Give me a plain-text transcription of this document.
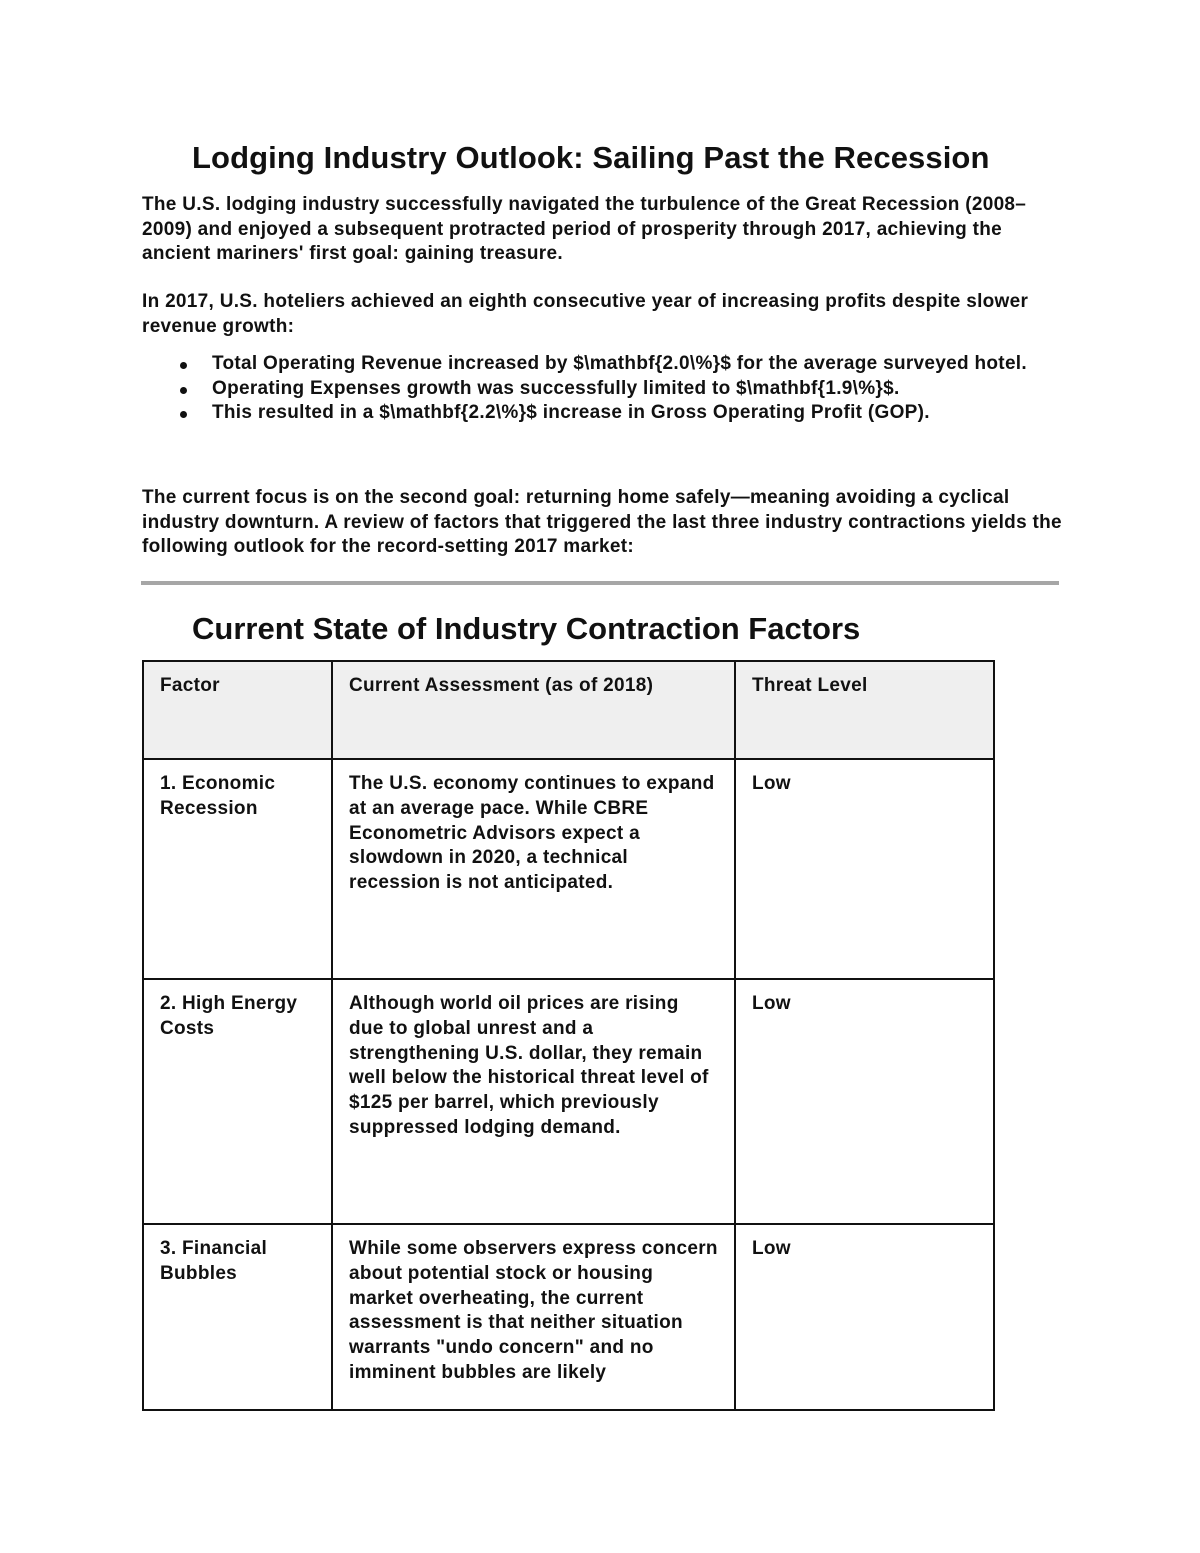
Lodging Industry Outlook: Sailing Past the Recession

The U.S. lodging industry successfully navigated the turbulence of the Great Recession (2008–2009) and enjoyed a subsequent protracted period of prosperity through 2017, achieving the ancient mariners' first goal: gaining treasure.

In 2017, U.S. hoteliers achieved an eighth consecutive year of increasing profits despite slower revenue growth:

Total Operating Revenue increased by $\mathbf{2.0\%}$ for the average surveyed hotel.
Operating Expenses growth was successfully limited to $\mathbf{1.9\%}$.
This resulted in a $\mathbf{2.2\%}$ increase in Gross Operating Profit (GOP).

The current focus is on the second goal: returning home safely—meaning avoiding a cyclical industry downturn. A review of factors that triggered the last three industry contractions yields the following outlook for the record-setting 2017 market:

Current State of Industry Contraction Factors
Factor	Current Assessment (as of 2018)	Threat Level
1. Economic Recession	The U.S. economy continues to expand at an average pace. While CBRE Econometric Advisors expect a slowdown in 2020, a technical recession is not anticipated.	Low
2. High Energy Costs	Although world oil prices are rising due to global unrest and a strengthening U.S. dollar, they remain well below the historical threat level of $125 per barrel, which previously suppressed lodging demand.	Low
3. Financial Bubbles	While some observers express concern about potential stock or housing market overheating, the current assessment is that neither situation warrants "undo concern" and no imminent bubbles are likely	Low
